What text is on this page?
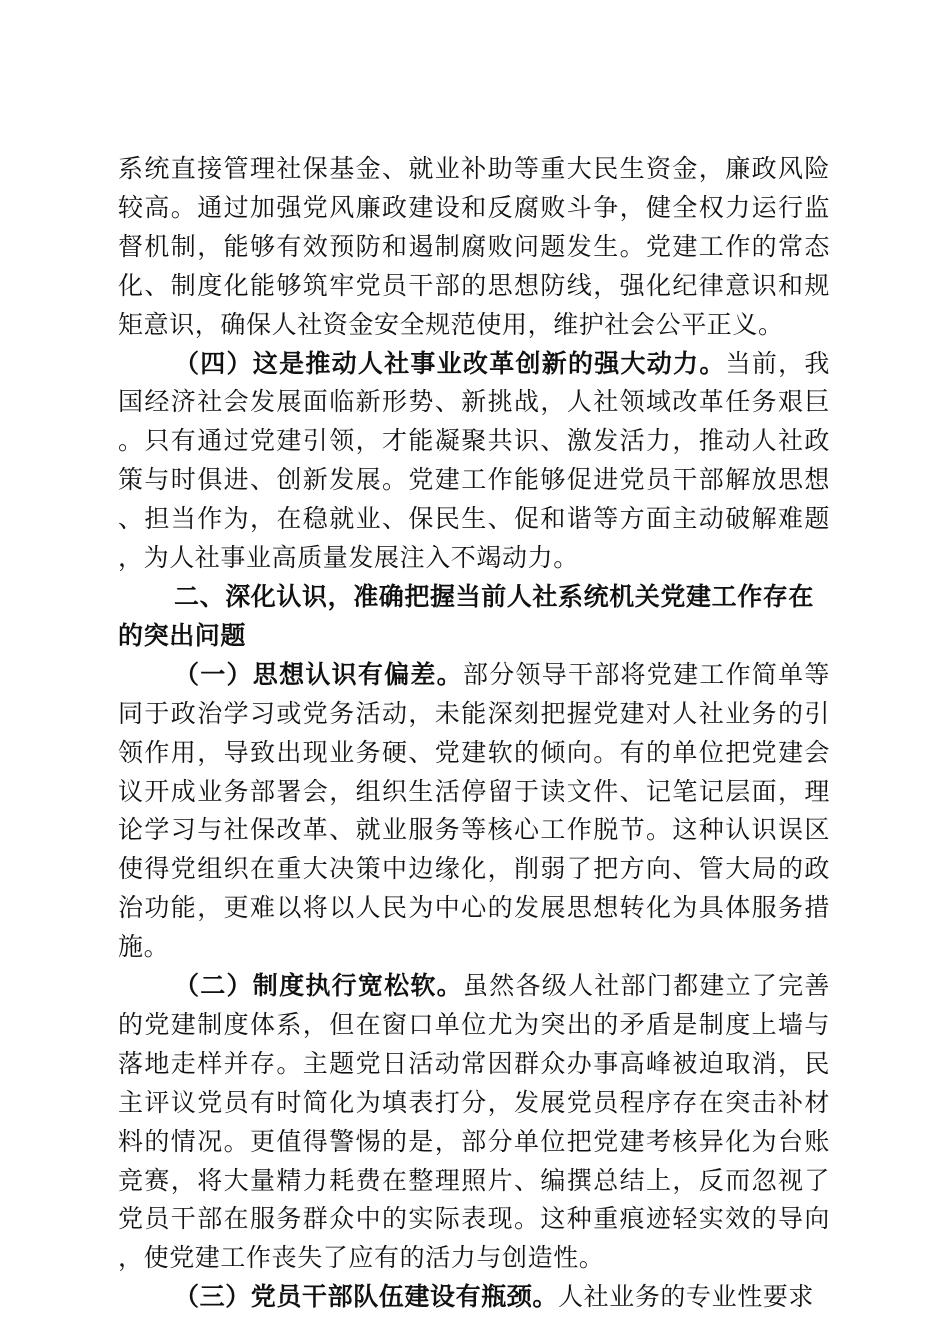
系统直接管理社保基金、就业补助等重大民生资金，廉政风险较高。通过加强党风廉政建设和反腐败斗争，健全权力运行监督机制，能够有效预防和遏制腐败问题发生。党建工作的常态化、制度化能够筑牢党员干部的思想防线，强化纪律意识和规矩意识，确保人社资金安全规范使用，维护社会公平正义。

（四）这是推动人社事业改革创新的强大动力。当前，我国经济社会发展面临新形势、新挑战，人社领域改革任务艰巨。只有通过党建引领，才能凝聚共识、激发活力，推动人社政策与时俱进、创新发展。党建工作能够促进党员干部解放思想、担当作为，在稳就业、保民生、促和谐等方面主动破解难题，为人社事业高质量发展注入不竭动力。

二、深化认识，准确把握当前人社系统机关党建工作存在的突出问题

（一）思想认识有偏差。部分领导干部将党建工作简单等同于政治学习或党务活动，未能深刻把握党建对人社业务的引领作用，导致出现业务硬、党建软的倾向。有的单位把党建会议开成业务部署会，组织生活停留于读文件、记笔记层面，理论学习与社保改革、就业服务等核心工作脱节。这种认识误区使得党组织在重大决策中边缘化，削弱了把方向、管大局的政治功能，更难以将以人民为中心的发展思想转化为具体服务措施。

（二）制度执行宽松软。虽然各级人社部门都建立了完善的党建制度体系，但在窗口单位尤为突出的矛盾是制度上墙与落地走样并存。主题党日活动常因群众办事高峰被迫取消，民主评议党员有时简化为填表打分，发展党员程序存在突击补材料的情况。更值得警惕的是，部分单位把党建考核异化为台账竞赛，将大量精力耗费在整理照片、编撰总结上，反而忽视了党员干部在服务群众中的实际表现。这种重痕迹轻实效的导向，使党建工作丧失了应有的活力与创造性。

（三）党员干部队伍建设有瓶颈。人社业务的专业性要求
